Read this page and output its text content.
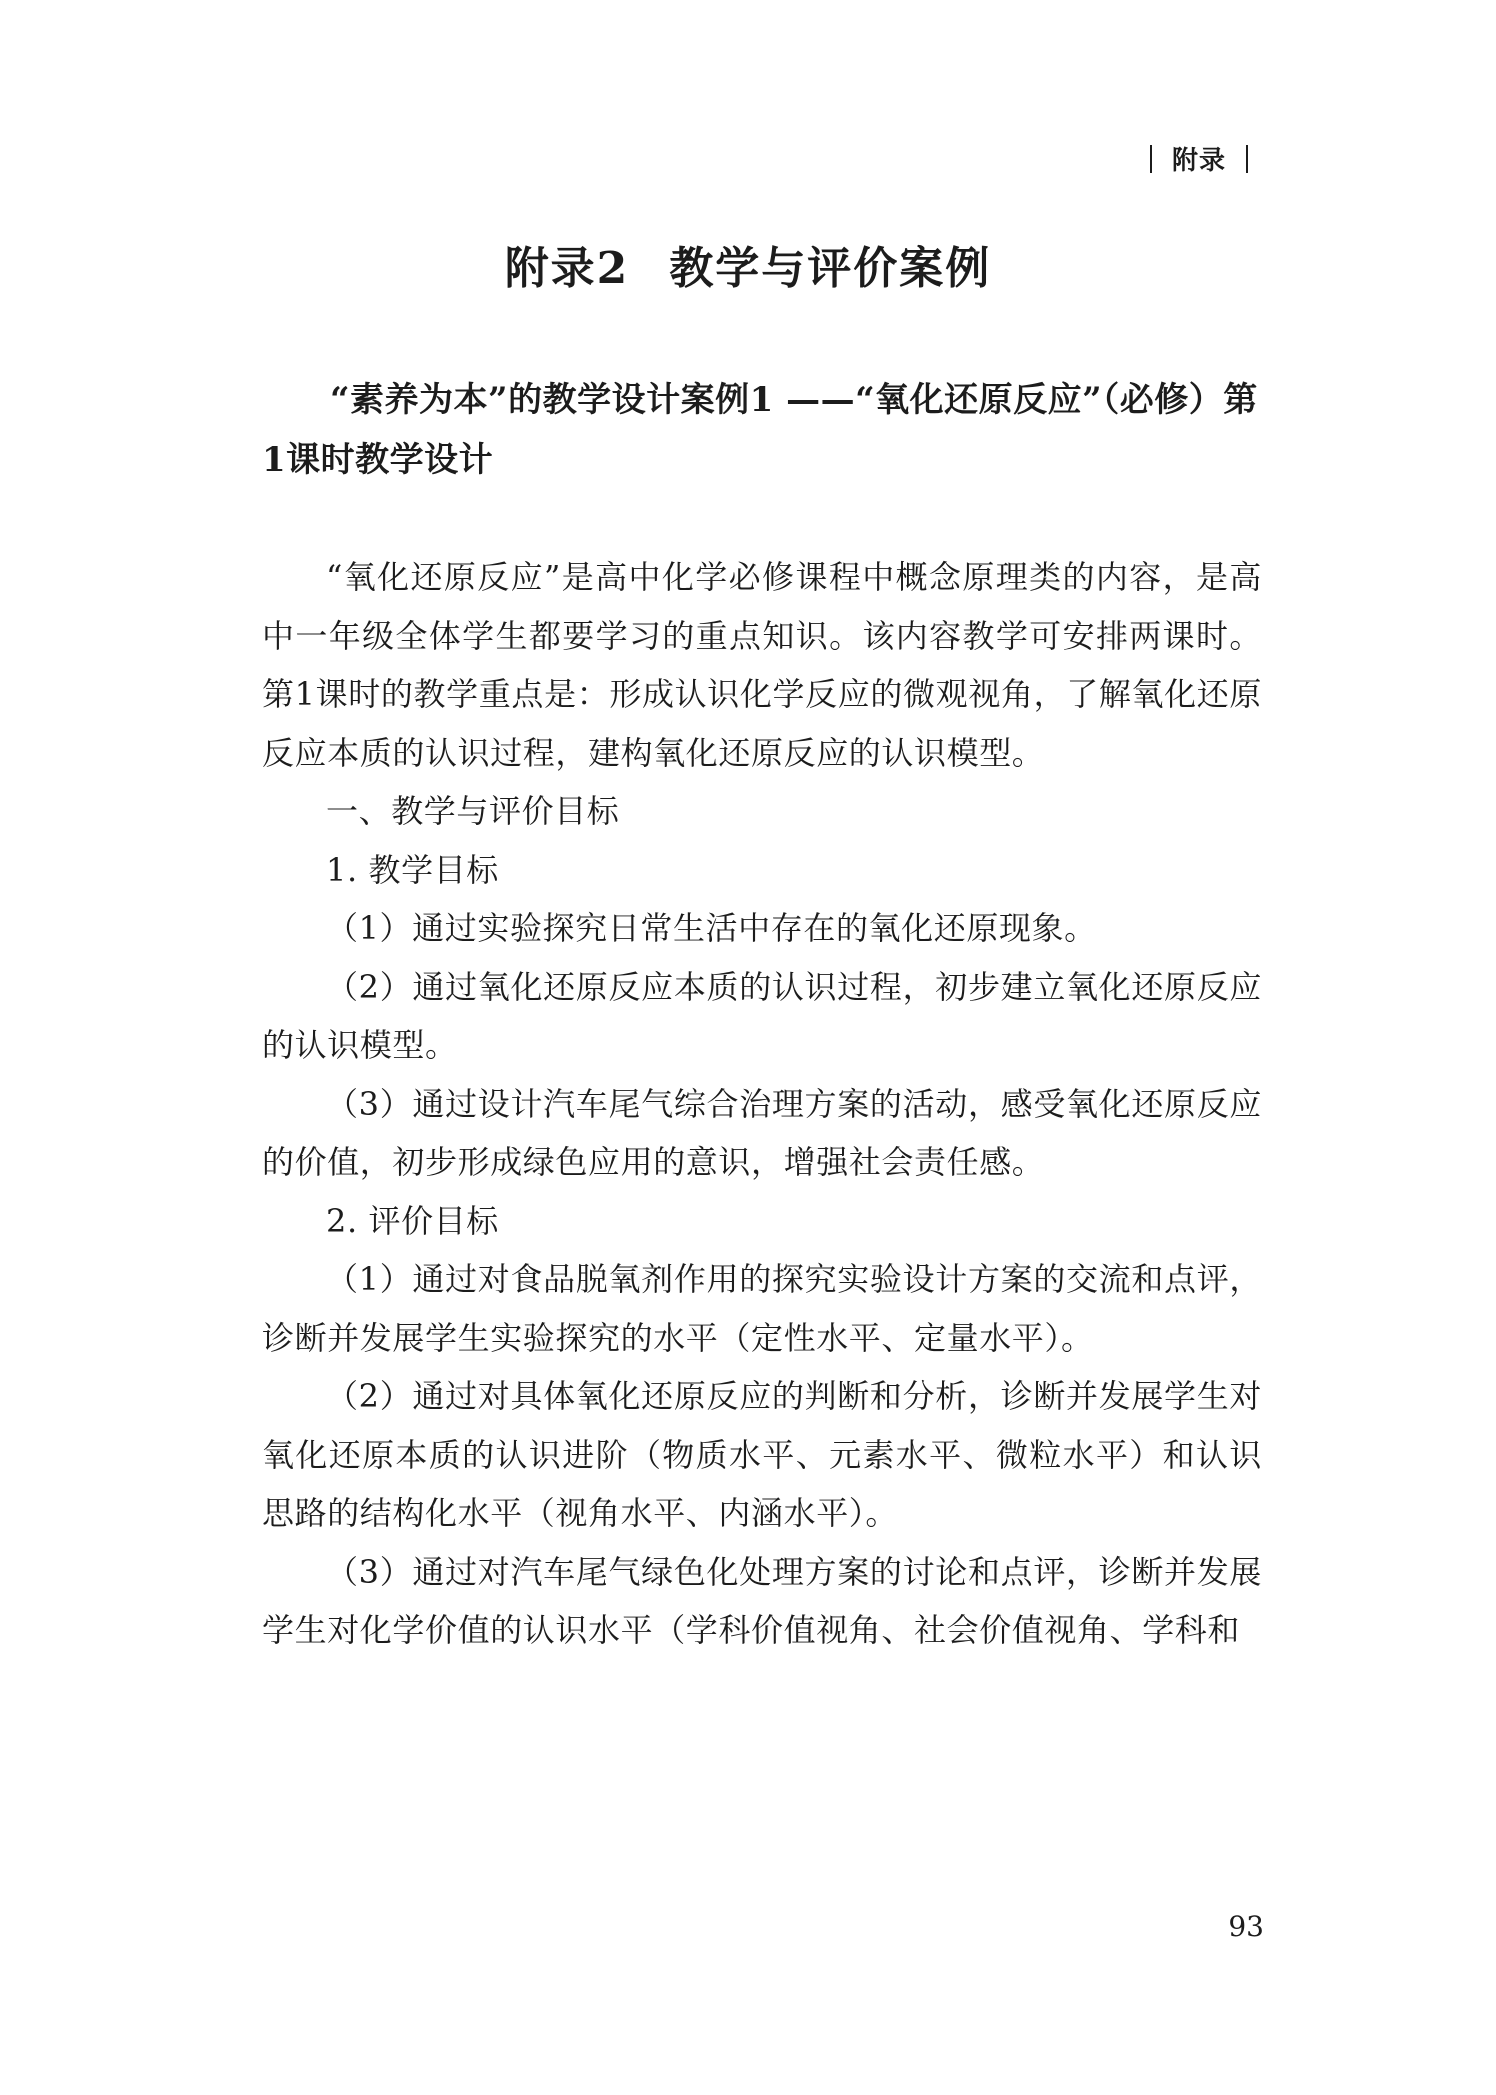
附录
附录2 教学与评价案例
“素养为本”的教学设计案例1 ——“氧化还原反应”（必修）第1课时教学设计

“氧化还原反应”是高中化学必修课程中概念原理类的内容，是高中一年级全体学生都要学习的重点知识。该内容教学可安排两课时。第1课时的教学重点是：形成认识化学反应的微观视角，了解氧化还原反应本质的认识过程，建构氧化还原反应的认识模型。

一、教学与评价目标

1. 教学目标

（1）通过实验探究日常生活中存在的氧化还原现象。

（2）通过氧化还原反应本质的认识过程，初步建立氧化还原反应的认识模型。

（3）通过设计汽车尾气综合治理方案的活动，感受氧化还原反应的价值，初步形成绿色应用的意识，增强社会责任感。

2. 评价目标

（1）通过对食品脱氧剂作用的探究实验设计方案的交流和点评，诊断并发展学生实验探究的水平（定性水平、定量水平）。

（2）通过对具体氧化还原反应的判断和分析，诊断并发展学生对氧化还原本质的认识进阶（物质水平、元素水平、微粒水平）和认识思路的结构化水平（视角水平、内涵水平）。

（3）通过对汽车尾气绿色化处理方案的讨论和点评，诊断并发展学生对化学价值的认识水平（学科价值视角、社会价值视角、学科和

93
